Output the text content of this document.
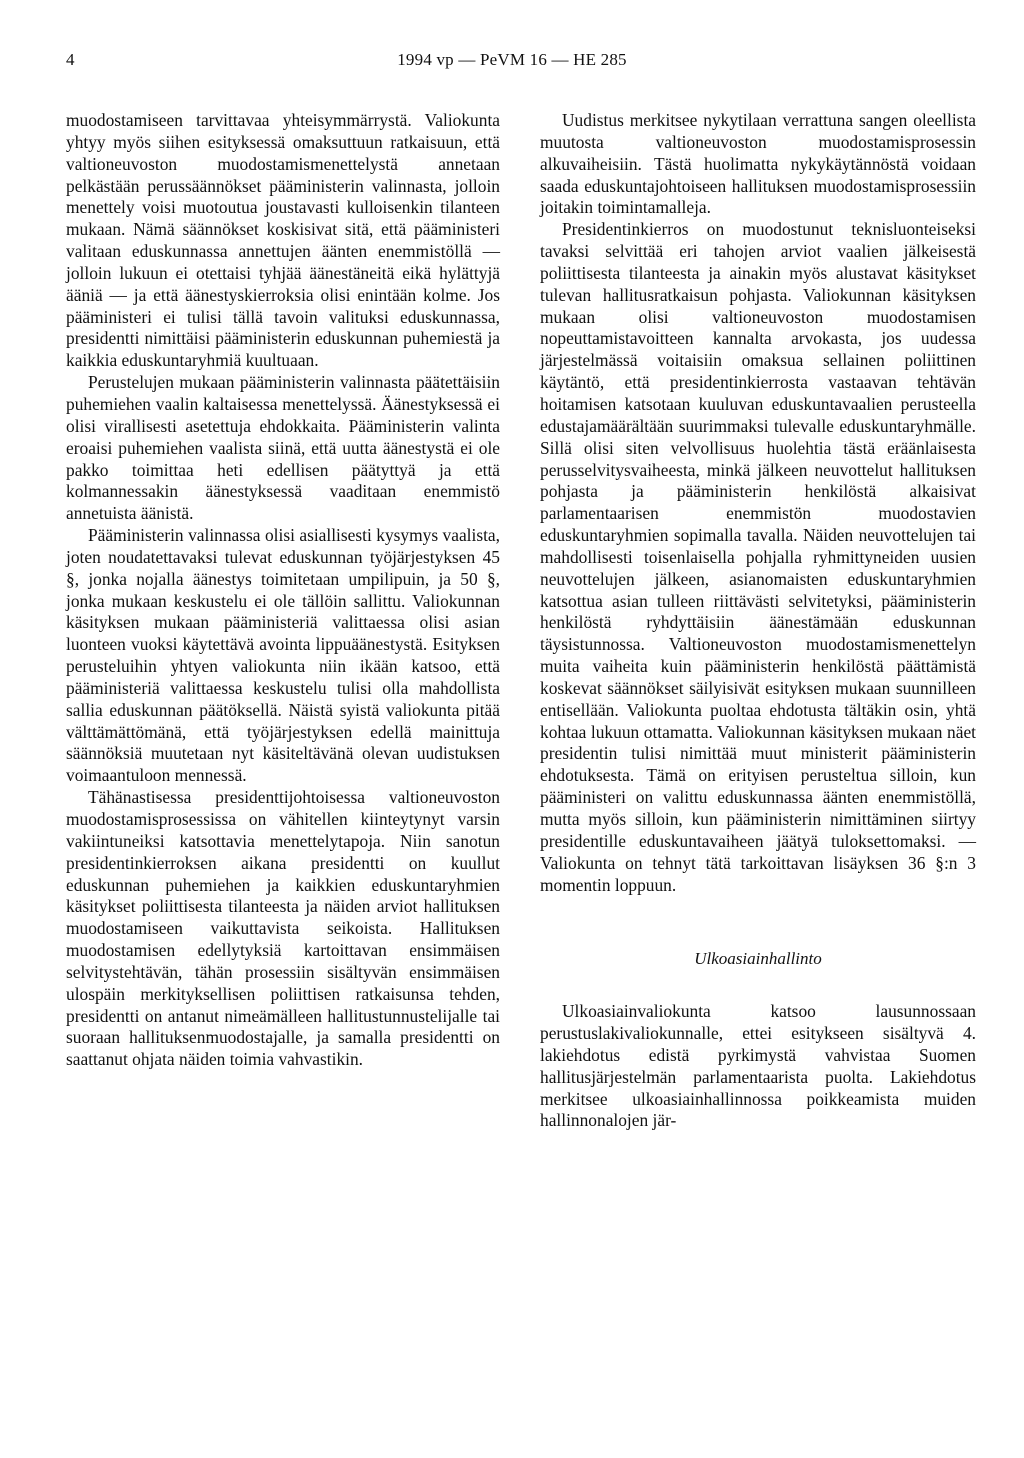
4	1994 vp — PeVM 16 — HE 285

muodostamiseen tarvittavaa yhteisymmärrystä. Valiokunta yhtyy myös siihen esityksessä omaksuttuun ratkaisuun, että valtioneuvoston muodostamismenettelystä annetaan pelkästään perussäännökset pääministerin valinnasta, jolloin menettely voisi muotoutua joustavasti kulloisenkin tilanteen mukaan. Nämä säännökset koskisivat sitä, että pääministeri valitaan eduskunnassa annettujen äänten enemmistöllä — jolloin lukuun ei otettaisi tyhjää äänestäneitä eikä hylättyjä ääniä — ja että äänestyskierroksia olisi enintään kolme. Jos pääministeri ei tulisi tällä tavoin valituksi eduskunnassa, presidentti nimittäisi pääministerin eduskunnan puhemiestä ja kaikkia eduskuntaryhmiä kuultuaan.

Perustelujen mukaan pääministerin valinnasta päätettäisiin puhemiehen vaalin kaltaisessa menettelyssä. Äänestyksessä ei olisi virallisesti asetettuja ehdokkaita. Pääministerin valinta eroaisi puhemiehen vaalista siinä, että uutta äänestystä ei ole pakko toimittaa heti edellisen päätyttyä ja että kolmannessakin äänestyksessä vaaditaan enemmistö annetuista äänistä.

Pääministerin valinnassa olisi asiallisesti kysymys vaalista, joten noudatettavaksi tulevat eduskunnan työjärjestyksen 45 §, jonka nojalla äänestys toimitetaan umpilipuin, ja 50 §, jonka mukaan keskustelu ei ole tällöin sallittu. Valiokunnan käsityksen mukaan pääministeriä valittaessa olisi asian luonteen vuoksi käytettävä avointa lippuäänestystä. Esityksen perusteluihin yhtyen valiokunta niin ikään katsoo, että pääministeriä valittaessa keskustelu tulisi olla mahdollista sallia eduskunnan päätöksellä. Näistä syistä valiokunta pitää välttämättömänä, että työjärjestyksen edellä mainittuja säännöksiä muutetaan nyt käsiteltävänä olevan uudistuksen voimaantuloon mennessä.

Tähänastisessa presidenttijohtoisessa valtioneuvoston muodostamisprosessissa on vähitellen kiinteytynyt varsin vakiintuneiksi katsottavia menettelytapoja. Niin sanotun presidentinkierroksen aikana presidentti on kuullut eduskunnan puhemiehen ja kaikkien eduskuntaryhmien käsitykset poliittisesta tilanteesta ja näiden arviot hallituksen muodostamiseen vaikuttavista seikoista. Hallituksen muodostamisen edellytyksiä kartoittavan ensimmäisen selvitystehtävän, tähän prosessiin sisältyvän ensimmäisen ulospäin merkityksellisen poliittisen ratkaisunsa tehden, presidentti on antanut nimeämälleen hallitustunnustelijalle tai suoraan hallituksenmuodostajalle, ja samalla presidentti on saattanut ohjata näiden toimia vahvastikin.

Uudistus merkitsee nykytilaan verrattuna sangen oleellista muutosta valtioneuvoston muodostamisprosessin alkuvaiheisiin. Tästä huolimatta nykykäytännöstä voidaan saada eduskuntajohtoiseen hallituksen muodostamisprosessiin joitakin toimintamalleja.

Presidentinkierros on muodostunut teknisluonteiseksi tavaksi selvittää eri tahojen arviot vaalien jälkeisestä poliittisesta tilanteesta ja ainakin myös alustavat käsitykset tulevan hallitusratkaisun pohjasta. Valiokunnan käsityksen mukaan olisi valtioneuvoston muodostamisen nopeuttamistavoitteen kannalta arvokasta, jos uudessa järjestelmässä voitaisiin omaksua sellainen poliittinen käytäntö, että presidentinkierrosta vastaavan tehtävän hoitamisen katsotaan kuuluvan eduskuntavaalien perusteella edustajamäärältään suurimmaksi tulevalle eduskuntaryhmälle. Sillä olisi siten velvollisuus huolehtia tästä eräänlaisesta perusselvitysvaiheesta, minkä jälkeen neuvottelut hallituksen pohjasta ja pääministerin henkilöstä alkaisivat parlamentaarisen enemmistön muodostavien eduskuntaryhmien sopimalla tavalla. Näiden neuvottelujen tai mahdollisesti toisenlaisella pohjalla ryhmittyneiden uusien neuvottelujen jälkeen, asianomaisten eduskuntaryhmien katsottua asian tulleen riittävästi selvitetyksi, pääministerin henkilöstä ryhdyttäisiin äänestämään eduskunnan täysistunnossa. Valtioneuvoston muodostamismenettelyn muita vaiheita kuin pääministerin henkilöstä päättämistä koskevat säännökset säilyisivät esityksen mukaan suunnilleen entisellään. Valiokunta puoltaa ehdotusta tältäkin osin, yhtä kohtaa lukuun ottamatta. Valiokunnan käsityksen mukaan näet presidentin tulisi nimittää muut ministerit pääministerin ehdotuksesta. Tämä on erityisen perusteltua silloin, kun pääministeri on valittu eduskunnassa äänten enemmistöllä, mutta myös silloin, kun pääministerin nimittäminen siirtyy presidentille eduskuntavaiheen jäätyä tuloksettomaksi. — Valiokunta on tehnyt tätä tarkoittavan lisäyksen 36 §:n 3 momentin loppuun.

Ulkoasiainhallinto

Ulkoasiainvaliokunta katsoo lausunnossaan perustuslakivaliokunnalle, ettei esitykseen sisältyvä 4. lakiehdotus edistä pyrkimystä vahvistaa Suomen hallitusjärjestelmän parlamentaarista puolta. Lakiehdotus merkitsee ulkoasiainhallinnossa poikkeamista muiden hallinnonalojen jär-
